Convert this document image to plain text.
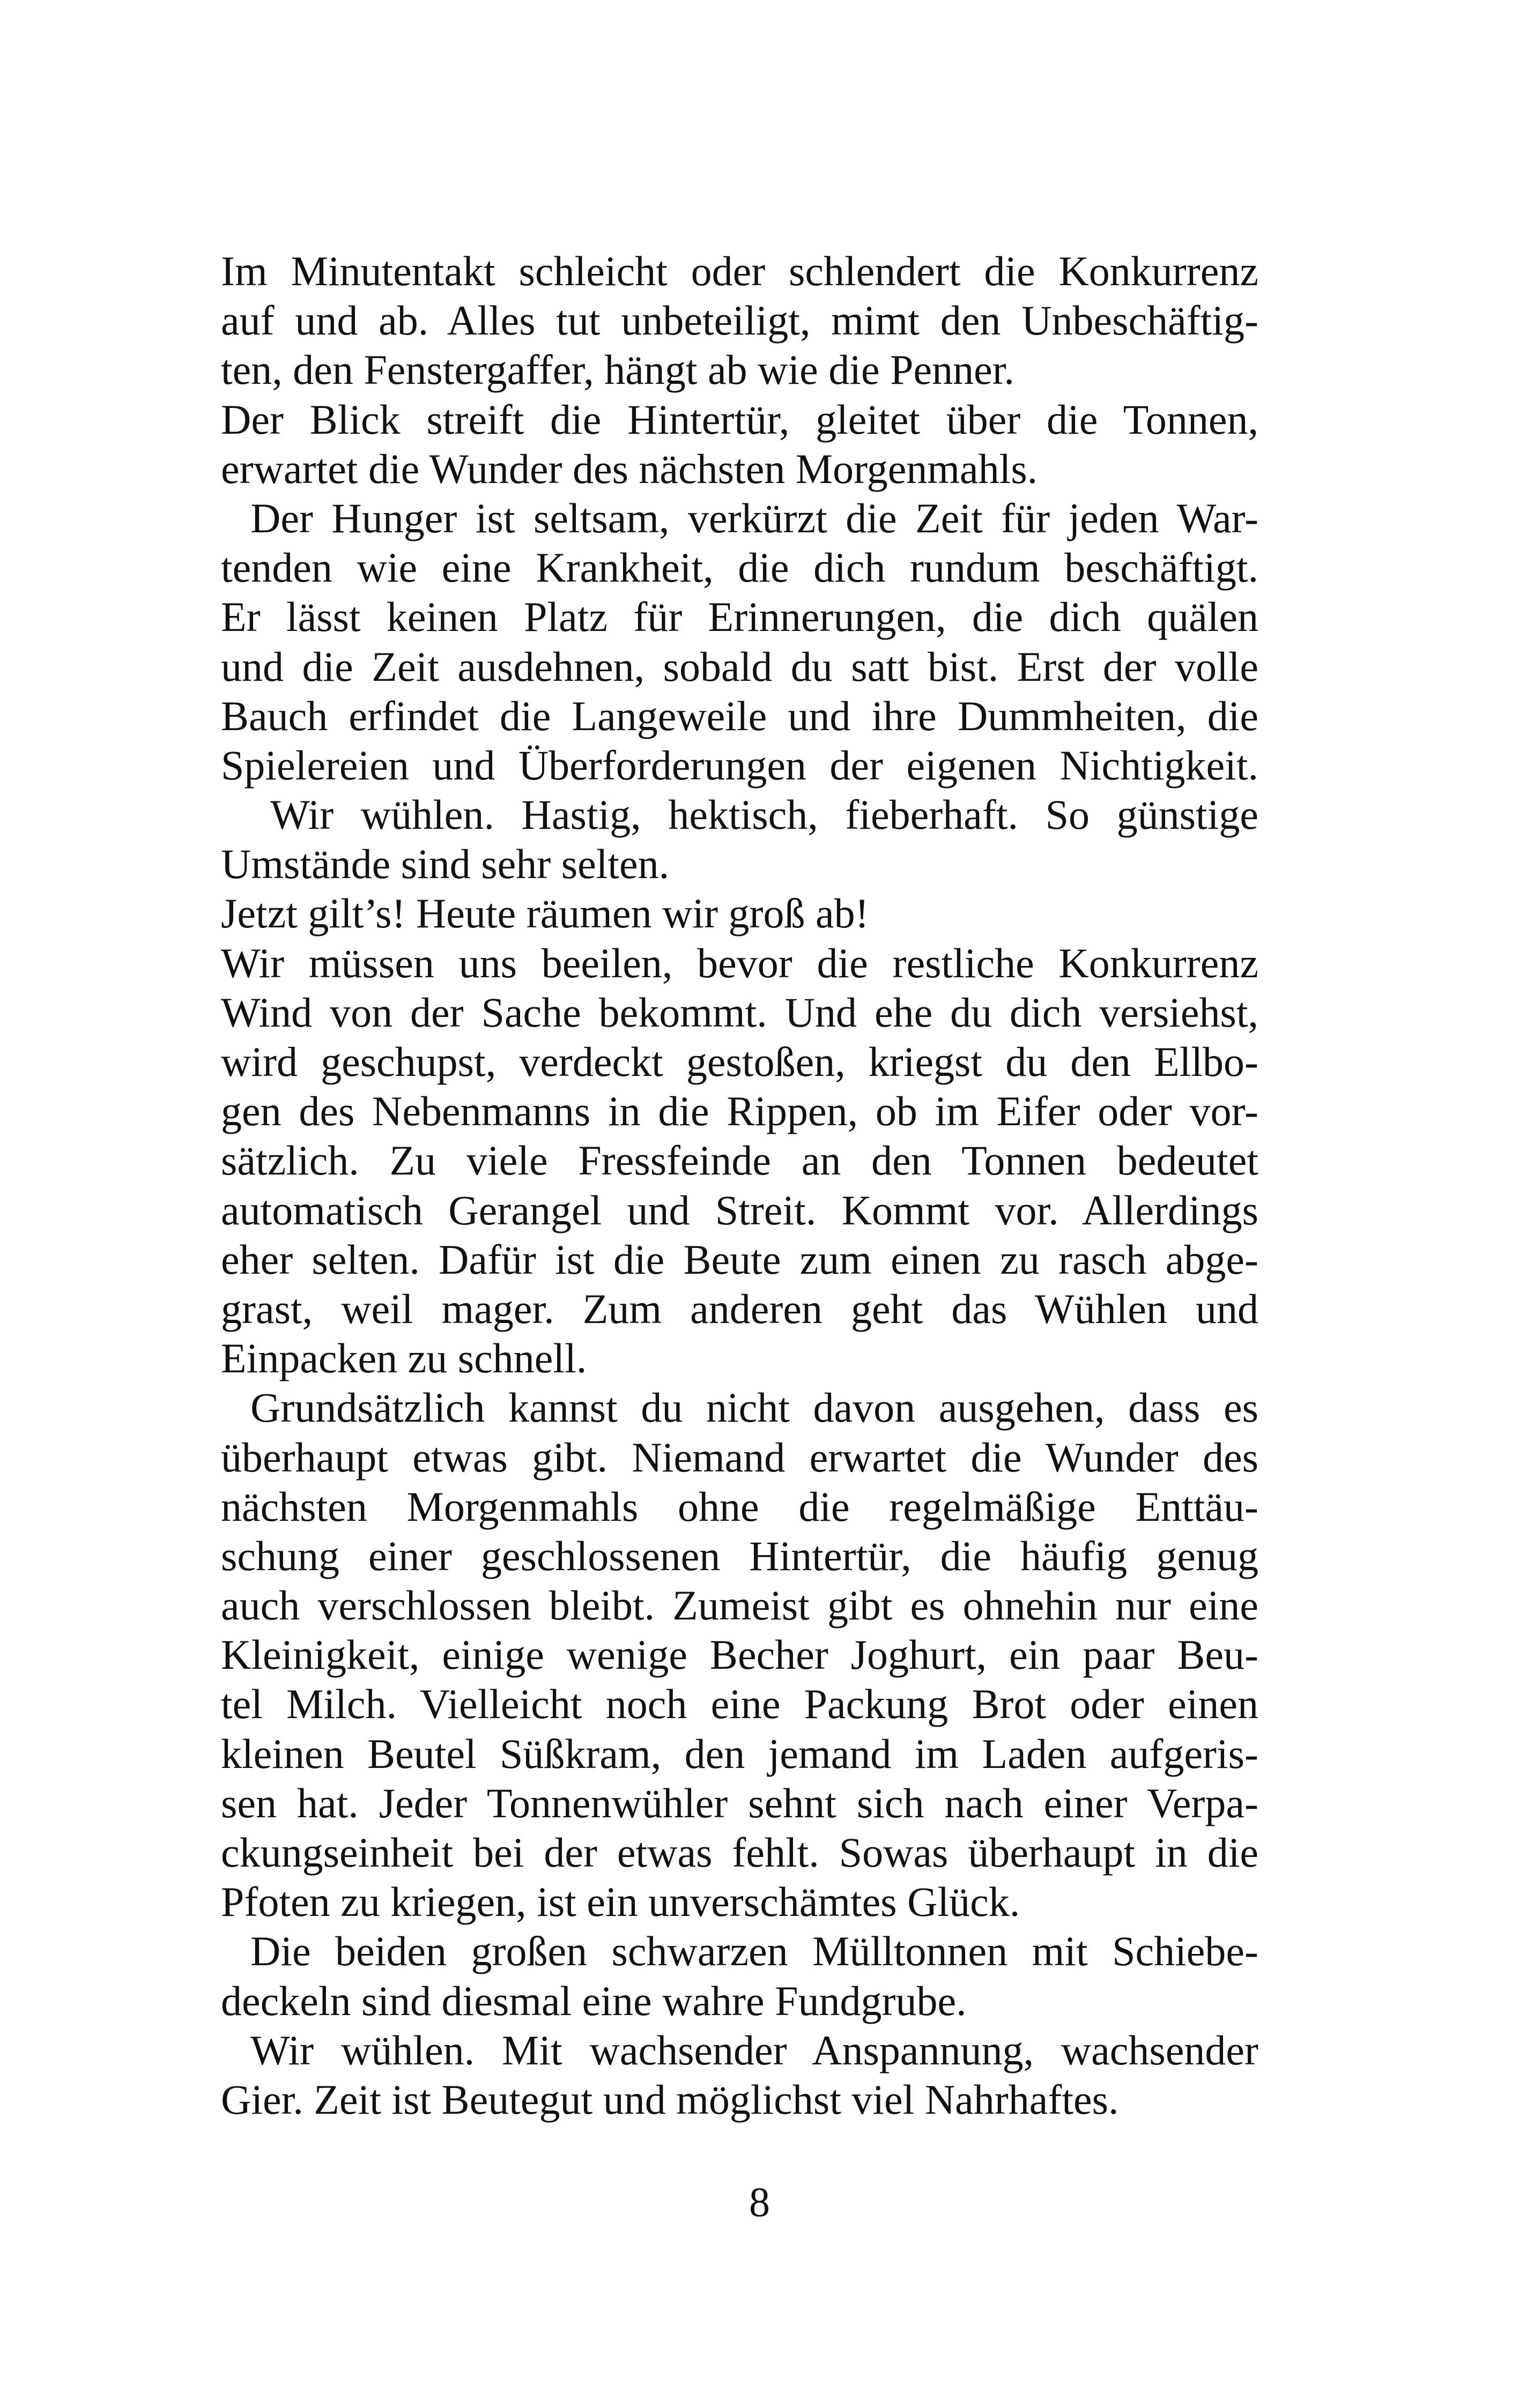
Im Minutentakt schleicht oder schlendert die Konkurrenz
auf und ab. Alles tut unbeteiligt, mimt den Unbeschäftig-
ten, den Fenstergaffer, hängt ab wie die Penner.
Der Blick streift die Hintertür, gleitet über die Tonnen,
erwartet die Wunder des nächsten Morgenmahls.
Der Hunger ist seltsam, verkürzt die Zeit für jeden War-
tenden wie eine Krankheit, die dich rundum beschäftigt.
Er lässt keinen Platz für Erinnerungen, die dich quälen
und die Zeit ausdehnen, sobald du satt bist. Erst der volle
Bauch erfindet die Langeweile und ihre Dummheiten, die
Spielereien und Überforderungen der eigenen Nichtigkeit.
Wir wühlen. Hastig, hektisch, fieberhaft. So günstige
Umstände sind sehr selten.
Jetzt gilt’s! Heute räumen wir groß ab!
Wir müssen uns beeilen, bevor die restliche Konkurrenz
Wind von der Sache bekommt. Und ehe du dich versiehst,
wird geschupst, verdeckt gestoßen, kriegst du den Ellbo-
gen des Nebenmanns in die Rippen, ob im Eifer oder vor-
sätzlich. Zu viele Fressfeinde an den Tonnen bedeutet
automatisch Gerangel und Streit. Kommt vor. Allerdings
eher selten. Dafür ist die Beute zum einen zu rasch abge-
grast, weil mager. Zum anderen geht das Wühlen und
Einpacken zu schnell.
Grundsätzlich kannst du nicht davon ausgehen, dass es
überhaupt etwas gibt. Niemand erwartet die Wunder des
nächsten Morgenmahls ohne die regelmäßige Enttäu-
schung einer geschlossenen Hintertür, die häufig genug
auch verschlossen bleibt. Zumeist gibt es ohnehin nur eine
Kleinigkeit, einige wenige Becher Joghurt, ein paar Beu-
tel Milch. Vielleicht noch eine Packung Brot oder einen
kleinen Beutel Süßkram, den jemand im Laden aufgeris-
sen hat. Jeder Tonnenwühler sehnt sich nach einer Verpa-
ckungseinheit bei der etwas fehlt. Sowas überhaupt in die
Pfoten zu kriegen, ist ein unverschämtes Glück.
Die beiden großen schwarzen Mülltonnen mit Schiebe-
deckeln sind diesmal eine wahre Fundgrube.
Wir wühlen. Mit wachsender Anspannung, wachsender
Gier. Zeit ist Beutegut und möglichst viel Nahrhaftes.
8
